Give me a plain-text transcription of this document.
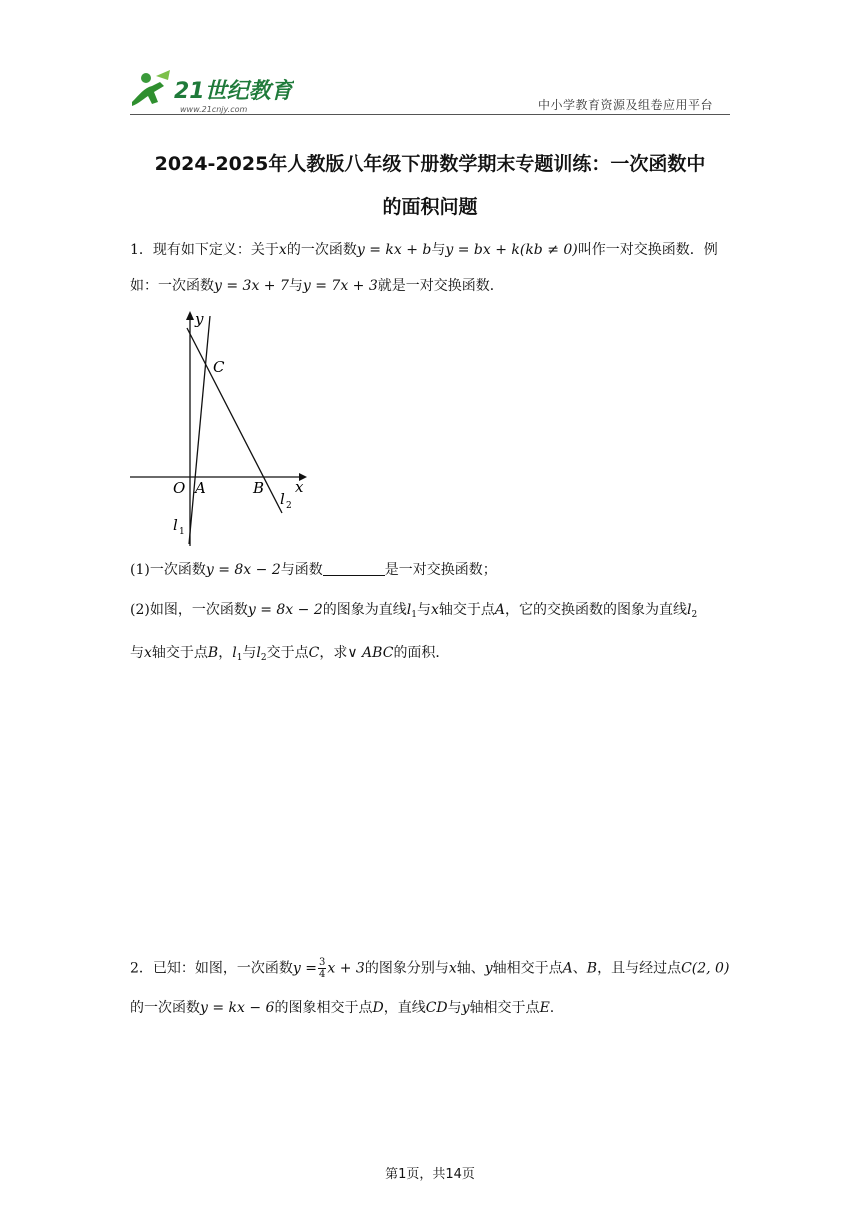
21世纪教育
www.21cnjy.com	中小学教育资源及组卷应用平台
2024-2025年人教版八年级下册数学期末专题训练：一次函数中
的面积问题
1．现有如下定义：关于x的一次函数y = kx + b与y = bx + k(kb ≠ 0)叫作一对交换函数．例
如：一次函数y = 3x + 7与y = 7x + 3就是一对交换函数．
y
x
O A	B
C
l 1
l 2
(1)一次函数y = 8x − 2与函数	是一对交换函数；
(2)如图，一次函数y = 8x − 2的图象为直线$l_1$与x轴交于点A，它的交换函数的图象为直线$l_2$
与x轴交于点B，$l_1$与$l_2$交于点C，求∨ ABC的面积．
2．已知：如图，一次函数$y = \frac{3}{4}$ x + 3的图象分别与x轴、y轴相交于点A、B，且与经过点C(2, 0)
的一次函数y = kx − 6的图象相交于点D，直线CD与y轴相交于点E.
第1页，共14页
